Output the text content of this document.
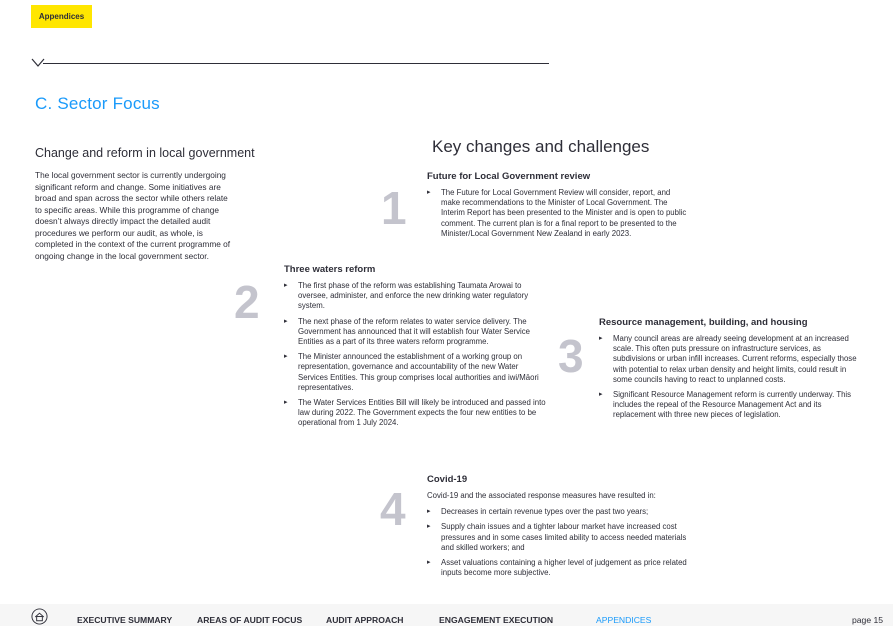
Appendices
C. Sector Focus
Change and reform in local government
The local government sector is currently undergoing
significant reform and change. Some initiatives are
broad and span across the sector while others relate
to specific areas. While this programme of change
doesn’t always directly impact the detailed audit
procedures we perform our audit, as whole, is
completed in the context of the current programme of
ongoing change in the local government sector.
Key changes and challenges
1
Future for Local Government review
▸ The Future for Local Government Review will consider, report, and make recommendations to the Minister of Local Government. The Interim Report has been presented to the Minister and is open to public comment. The current plan is for a final report to be presented to the Minister/Local Government New Zealand in early 2023.
2
Three waters reform
▸ The first phase of the reform was establishing Taumata Arowai to oversee, administer, and enforce the new drinking water regulatory system.
▸ The next phase of the reform relates to water service delivery. The Government has announced that it will establish four Water Service Entities as a part of its three waters reform programme.
▸ The Minister announced the establishment of a working group on representation, governance and accountability of the new Water Services Entities. This group comprises local authorities and iwi/Māori representatives.
▸ The Water Services Entities Bill will likely be introduced and passed into law during 2022. The Government expects the four new entities to be operational from 1 July 2024.
3
Resource management, building, and housing
▸ Many council areas are already seeing development at an increased scale. This often puts pressure on infrastructure services, as subdivisions or urban infill increases. Current reforms, especially those with potential to relax urban density and height limits, could result in some councils having to react to unplanned costs.
▸ Significant Resource Management reform is currently underway. This includes the repeal of the Resource Management Act and its replacement with three new pieces of legislation.
4
Covid-19

Covid-19 and the associated response measures have resulted in:

▸ Decreases in certain revenue types over the past two years;
▸ Supply chain issues and a tighter labour market have increased cost pressures and in some cases limited ability to access needed materials and skilled workers; and
▸ Asset valuations containing a higher level of judgement as price related inputs become more subjective.
EXECUTIVE SUMMARY	AREAS OF AUDIT FOCUS	AUDIT APPROACH	ENGAGEMENT EXECUTION	APPENDICES	page 15
